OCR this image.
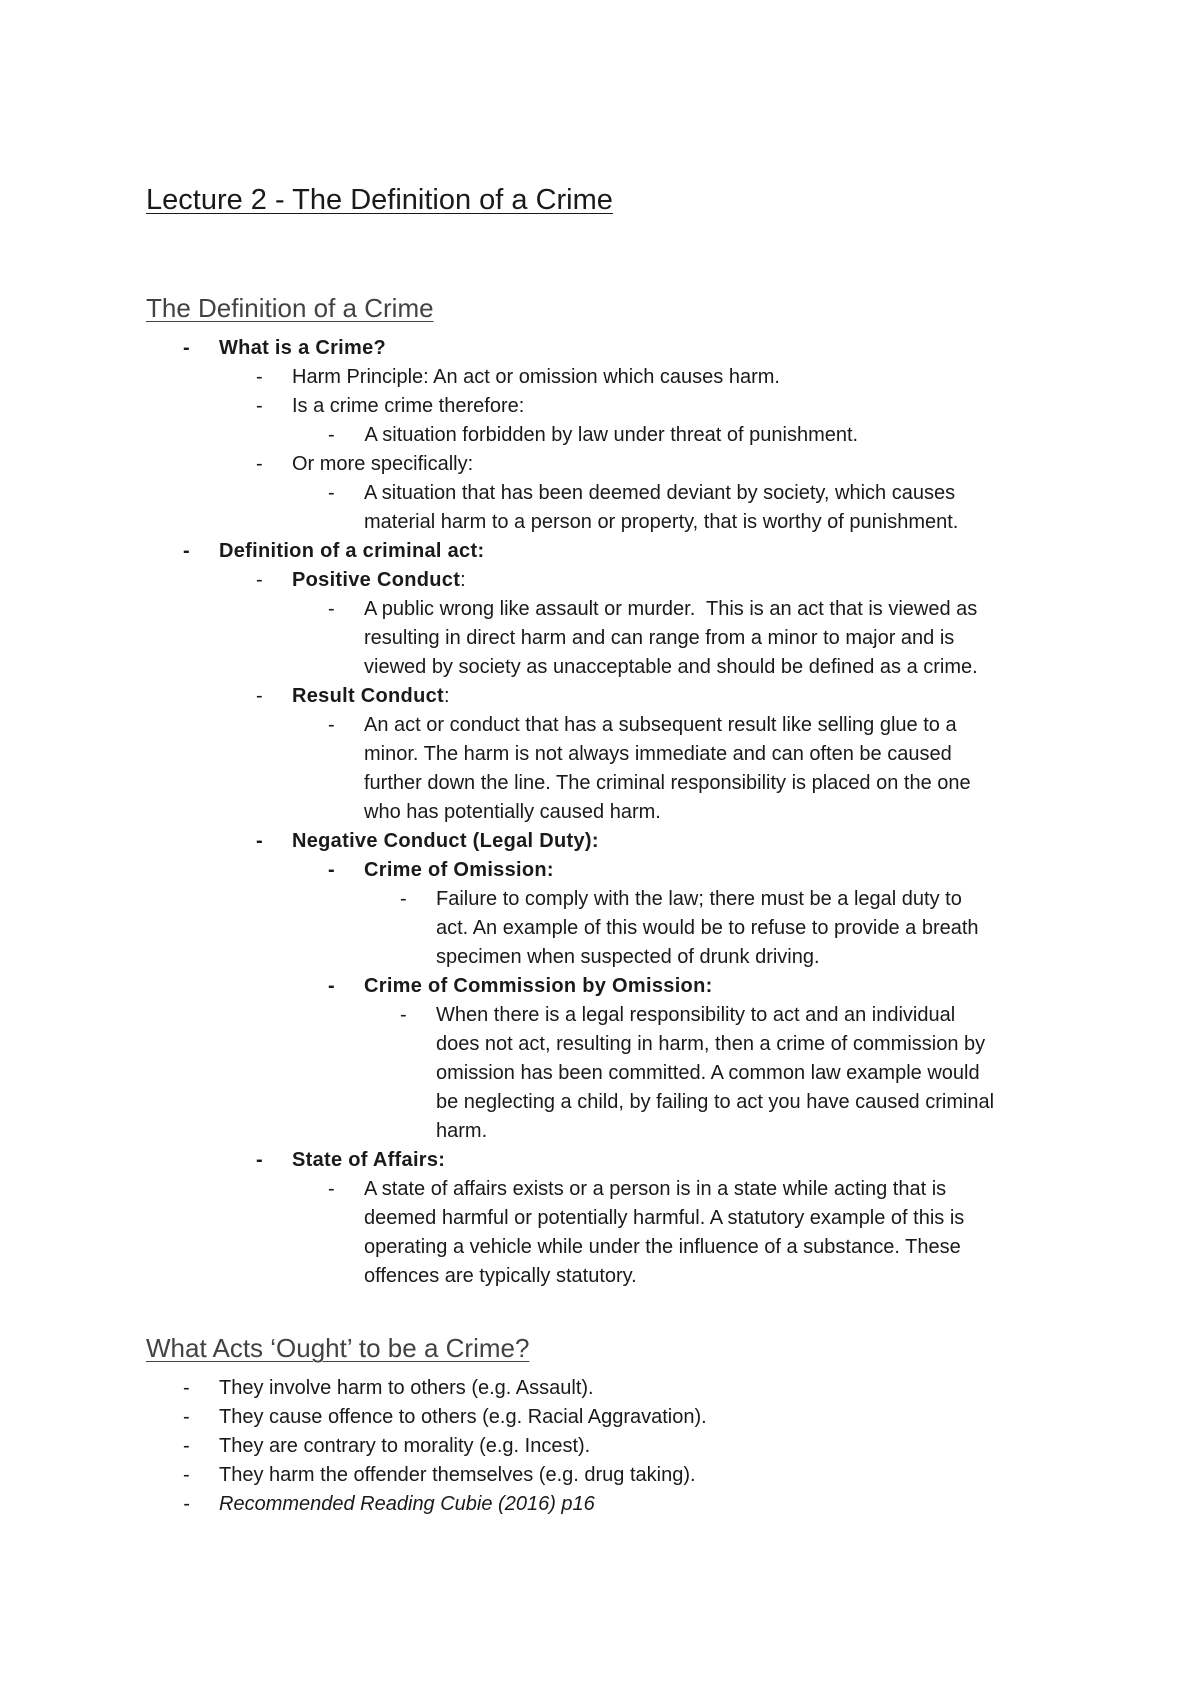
Lecture 2 - The Definition of a Crime
The Definition of a Crime
- What is a Crime?
- Harm Principle: An act or omission which causes harm.
- Is a crime crime therefore:
- A situation forbidden by law under threat of punishment.
- Or more specifically:
- A situation that has been deemed deviant by society, which causes
material harm to a person or property, that is worthy of punishment.
- Definition of a criminal act:
- Positive Conduct:
- A public wrong like assault or murder.  This is an act that is viewed as
resulting in direct harm and can range from a minor to major and is
viewed by society as unacceptable and should be defined as a crime.
- Result Conduct:
- An act or conduct that has a subsequent result like selling glue to a
minor. The harm is not always immediate and can often be caused
further down the line. The criminal responsibility is placed on the one
who has potentially caused harm.
- Negative Conduct (Legal Duty):
- Crime of Omission:
- Failure to comply with the law; there must be a legal duty to
act. An example of this would be to refuse to provide a breath
specimen when suspected of drunk driving.
- Crime of Commission by Omission:
- When there is a legal responsibility to act and an individual
does not act, resulting in harm, then a crime of commission by
omission has been committed. A common law example would
be neglecting a child, by failing to act you have caused criminal
harm.
- State of Affairs:
- A state of affairs exists or a person is in a state while acting that is
deemed harmful or potentially harmful. A statutory example of this is
operating a vehicle while under the influence of a substance. These
offences are typically statutory.
What Acts ‘Ought’ to be a Crime?
- They involve harm to others (e.g. Assault).
- They cause offence to others (e.g. Racial Aggravation).
- They are contrary to morality (e.g. Incest).
- They harm the offender themselves (e.g. drug taking).
- Recommended Reading Cubie (2016) p16
